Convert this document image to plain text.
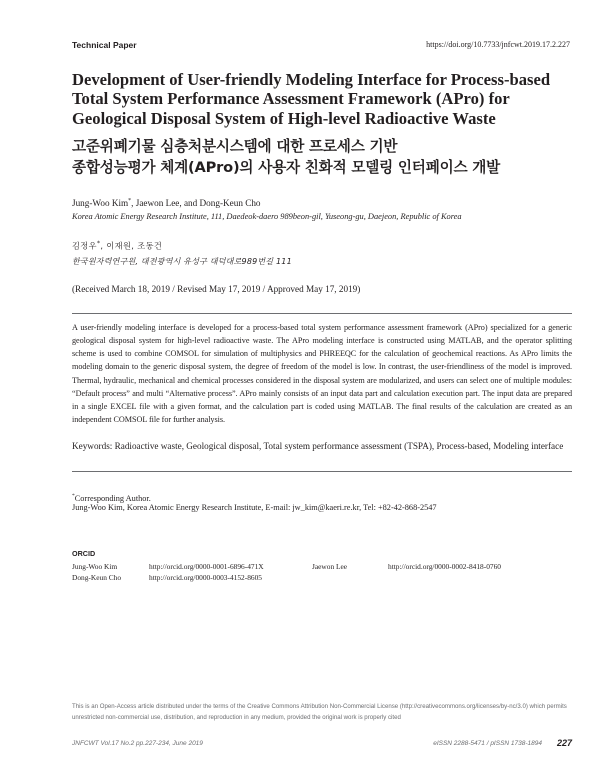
Technical Paper	https://doi.org/10.7733/jnfcwt.2019.17.2.227
Development of User-friendly Modeling Interface for Process-based
Total System Performance Assessment Framework (APro) for
Geological Disposal System of High-level Radioactive Waste
고준위폐기물 심층처분시스템에 대한 프로세스 기반
종합성능평가 체계(APro)의 사용자 친화적 모델링 인터페이스 개발
Jung-Woo Kim*, Jaewon Lee, and Dong-Keun Cho
Korea Atomic Energy Research Institute, 111, Daedeok-daero 989beon-gil, Yuseong-gu, Daejeon, Republic of Korea
김정우*, 이재원, 조동건
한국원자력연구원, 대전광역시 유성구 대덕대로989번길 111
(Received March 18, 2019 / Revised May 17, 2019 / Approved May 17, 2019)
A user-friendly modeling interface is developed for a process-based total system performance assessment framework (APro) specialized for a generic geological disposal system for high-level radioactive waste. The APro modeling interface is constructed using MATLAB, and the operator splitting scheme is used to combine COMSOL for simulation of multiphysics and PHREEQC for the calculation of geochemical reactions. As APro limits the modeling domain to the generic disposal system, the degree of freedom of the model is low. In contrast, the user-friendliness of the model is improved. Thermal, hydraulic, mechanical and chemical processes considered in the disposal system are modularized, and users can select one of multiple modules: “Default process” and multi “Alternative process”. APro mainly consists of an input data part and calculation execution part. The input data are prepared in a single EXCEL file with a given format, and the calculation part is coded using MATLAB. The final results of the calculation are created as an independent COMSOL file for further analysis.
Keywords: Radioactive waste, Geological disposal, Total system performance assessment (TSPA), Process-based, Modeling interface
*Corresponding Author.
Jung-Woo Kim, Korea Atomic Energy Research Institute, E-mail: jw_kim@kaeri.re.kr, Tel: +82-42-868-2547
ORCID
Jung-Woo Kim	http://orcid.org/0000-0001-6896-471X	Jaewon Lee	http://orcid.org/0000-0002-8418-0760
Dong-Keun Cho	http://orcid.org/0000-0003-4152-8605
This is an Open-Access article distributed under the terms of the Creative Commons Attribution Non-Commercial License (http://creativecommons.org/licenses/by-nc/3.0) which permits unrestricted non-commercial use, distribution, and reproduction in any medium, provided the original work is properly cited
JNFCWT Vol.17 No.2 pp.227-234, June 2019	eISSN 2288-5471 / pISSN 1738-1894 227
